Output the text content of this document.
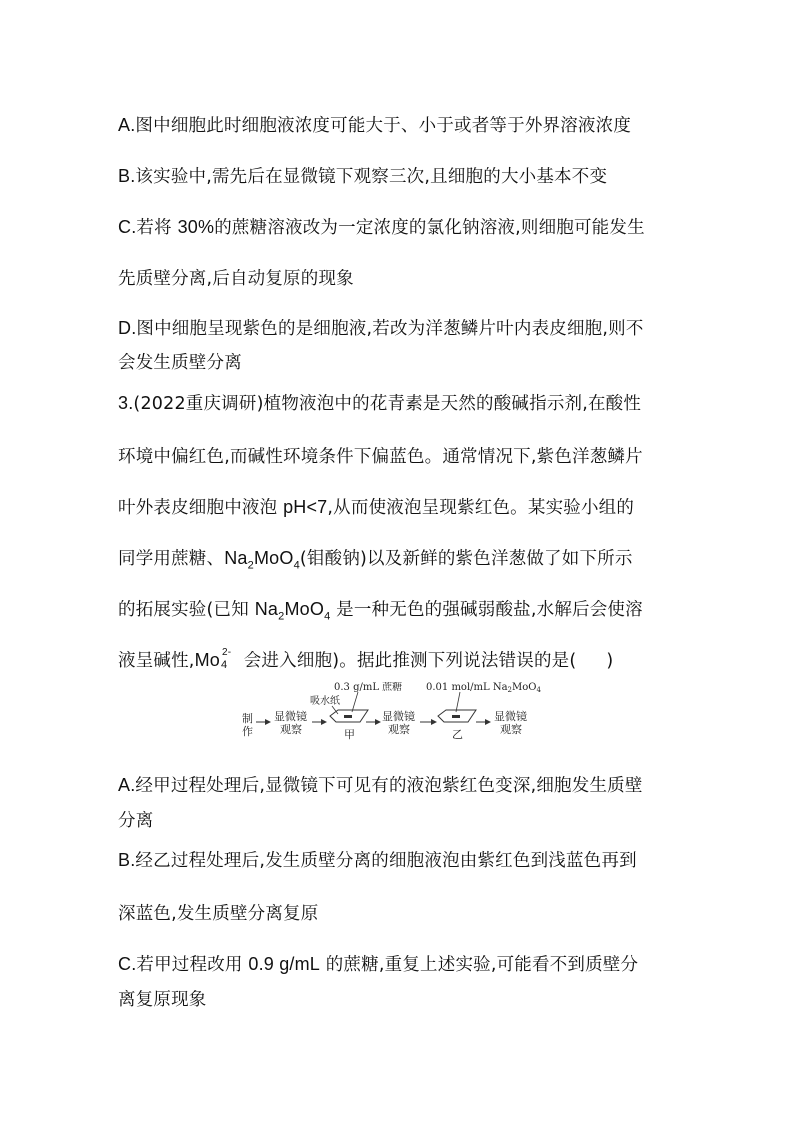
A.图中细胞此时细胞液浓度可能大于、小于或者等于外界溶液浓度
B.该实验中,需先后在显微镜下观察三次,且细胞的大小基本不变
C.若将 30%的蔗糖溶液改为一定浓度的氯化钠溶液,则细胞可能发生
先质壁分离,后自动复原的现象
D.图中细胞呈现紫色的是细胞液,若改为洋葱鳞片叶内表皮细胞,则不
会发生质壁分离
3.(2022重庆调研)植物液泡中的花青素是天然的酸碱指示剂,在酸性
环境中偏红色,而碱性环境条件下偏蓝色。通常情况下,紫色洋葱鳞片
叶外表皮细胞中液泡 pH<7,从而使液泡呈现紫红色。某实验小组的
同学用蔗糖、$Na_2MoO_4$(钼酸钠)以及新鲜的紫色洋葱做了如下所示
的拓展实验(已知 $Na_2MoO_4$ 是一种无色的强碱弱酸盐,水解后会使溶
液呈碱性,Mo 2-
4 会进入细胞)。据此推测下列说法错误的是( )
制
作
显微镜
观察
0.3 g/mL 蔗糖
吸水纸
甲
显微镜
观察
0.01 mol/mL $Na_2MoO_4$
乙
显微镜
观察
A.经甲过程处理后,显微镜下可见有的液泡紫红色变深,细胞发生质壁
分离
B.经乙过程处理后,发生质壁分离的细胞液泡由紫红色到浅蓝色再到
深蓝色,发生质壁分离复原
C.若甲过程改用 0.9 g/mL 的蔗糖,重复上述实验,可能看不到质壁分
离复原现象
